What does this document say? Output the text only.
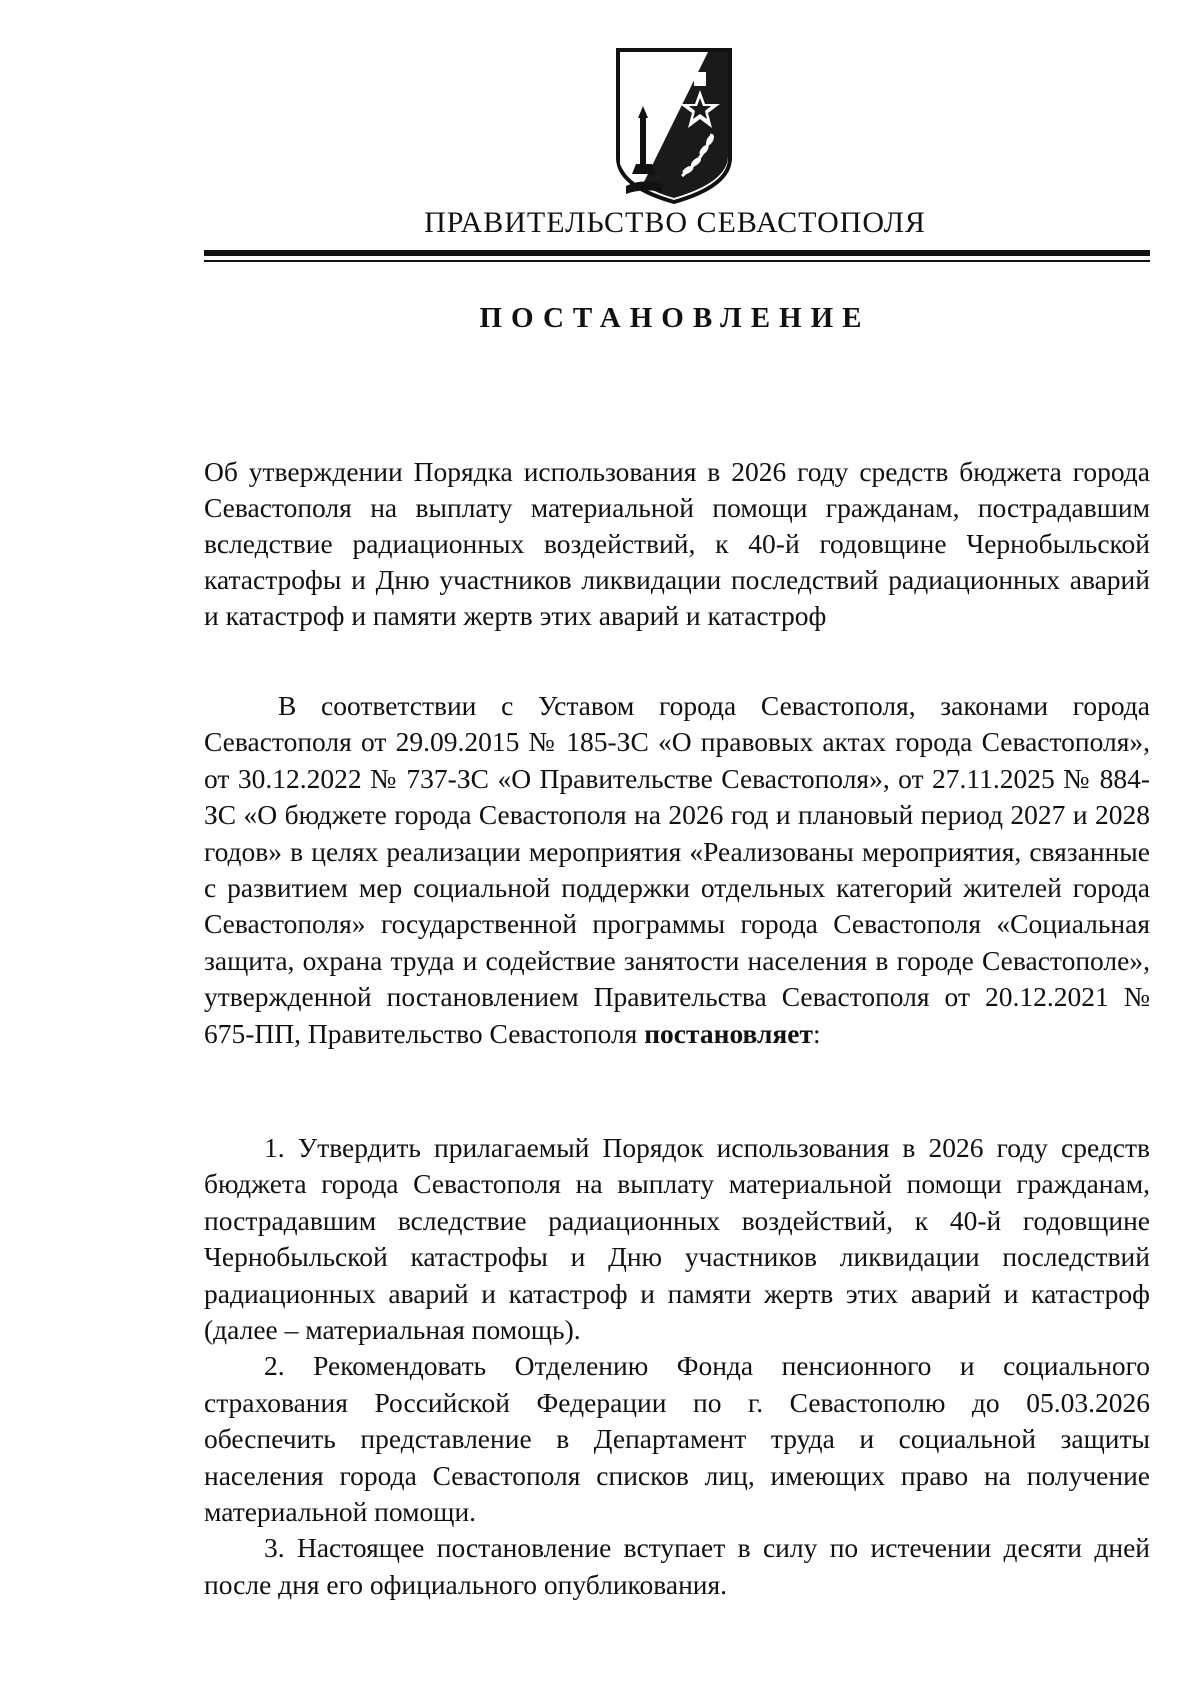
ПРАВИТЕЛЬСТВО СЕВАСТОПОЛЯ
ПОСТАНОВЛЕНИЕ
Об утверждении Порядка использования в 2026 году средств бюджета города Севастополя на выплату материальной помощи гражданам, пострадавшим вследствие радиационных воздействий, к 40-й годовщине Чернобыльской катастрофы и Дню участников ликвидации последствий радиационных аварий и катастроф и памяти жертв этих аварий и катастроф
В соответствии с Уставом города Севастополя, законами города Севастополя от 29.09.2015 № 185-ЗС «О правовых актах города Севастополя», от 30.12.2022 № 737-ЗС «О Правительстве Севастополя», от 27.11.2025 № 884-ЗС «О бюджете города Севастополя на 2026 год и плановый период 2027 и 2028 годов» в целях реализации мероприятия «Реализованы мероприятия, связанные с развитием мер социальной поддержки отдельных категорий жителей города Севастополя» государственной программы города Севастополя «Социальная защита, охрана труда и содействие занятости населения в городе Севастополе», утвержденной постановлением Правительства Севастополя от 20.12.2021 № 675-ПП, Правительство Севастополя постановляет:

1. Утвердить прилагаемый Порядок использования в 2026 году средств бюджета города Севастополя на выплату материальной помощи гражданам, пострадавшим вследствие радиационных воздействий, к 40-й годовщине Чернобыльской катастрофы и Дню участников ликвидации последствий радиационных аварий и катастроф и памяти жертв этих аварий и катастроф (далее – материальная помощь).

2. Рекомендовать Отделению Фонда пенсионного и социального страхования Российской Федерации по г. Севастополю до 05.03.2026 обеспечить представление в Департамент труда и социальной защиты населения города Севастополя списков лиц, имеющих право на получение материальной помощи.

3. Настоящее постановление вступает в силу по истечении десяти дней после дня его официального опубликования.
